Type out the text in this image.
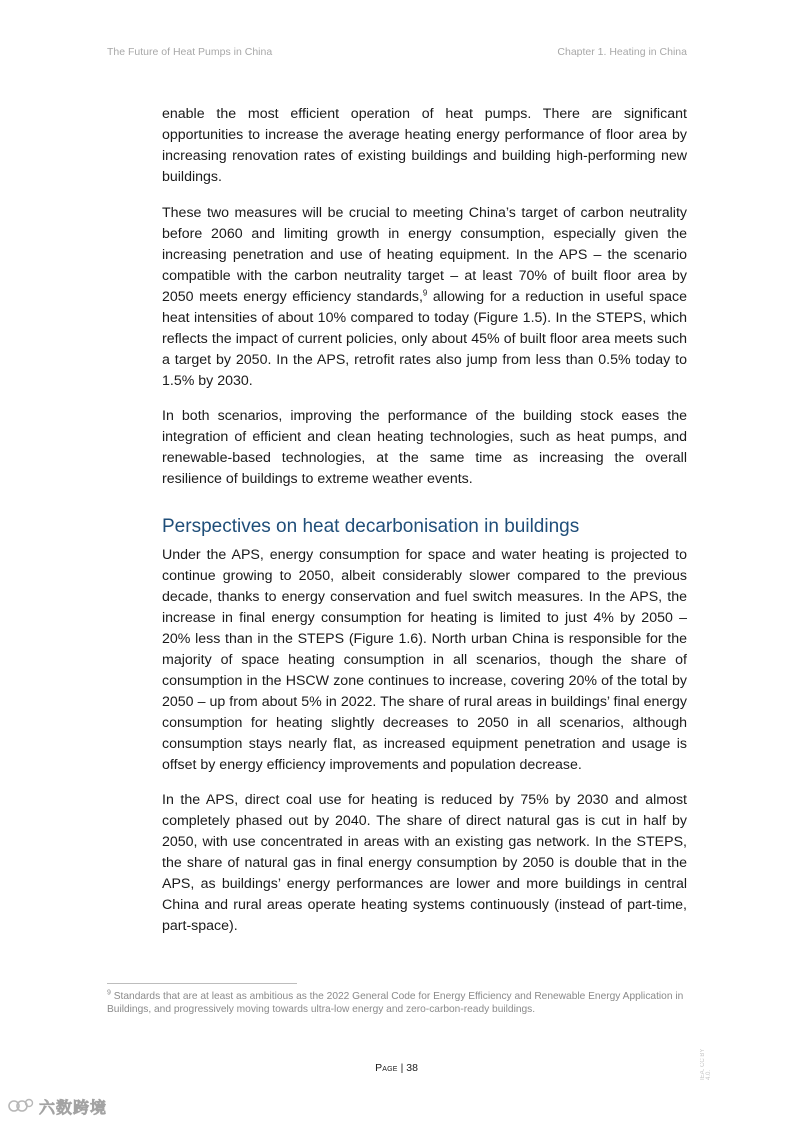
The Future of Heat Pumps in China	Chapter 1. Heating in China

enable the most efficient operation of heat pumps. There are significant opportunities to increase the average heating energy performance of floor area by increasing renovation rates of existing buildings and building high-performing new buildings.

These two measures will be crucial to meeting China’s target of carbon neutrality before 2060 and limiting growth in energy consumption, especially given the increasing penetration and use of heating equipment. In the APS – the scenario compatible with the carbon neutrality target – at least 70% of built floor area by 2050 meets energy efficiency standards,$^9$ allowing for a reduction in useful space heat intensities of about 10% compared to today (Figure 1.5). In the STEPS, which reflects the impact of current policies, only about 45% of built floor area meets such a target by 2050. In the APS, retrofit rates also jump from less than 0.5% today to 1.5% by 2030.

In both scenarios, improving the performance of the building stock eases the integration of efficient and clean heating technologies, such as heat pumps, and renewable-based technologies, at the same time as increasing the overall resilience of buildings to extreme weather events.

Perspectives on heat decarbonisation in buildings

Under the APS, energy consumption for space and water heating is projected to continue growing to 2050, albeit considerably slower compared to the previous decade, thanks to energy conservation and fuel switch measures. In the APS, the increase in final energy consumption for heating is limited to just 4% by 2050 – 20% less than in the STEPS (Figure 1.6). North urban China is responsible for the majority of space heating consumption in all scenarios, though the share of consumption in the HSCW zone continues to increase, covering 20% of the total by 2050 – up from about 5% in 2022. The share of rural areas in buildings’ final energy consumption for heating slightly decreases to 2050 in all scenarios, although consumption stays nearly flat, as increased equipment penetration and usage is offset by energy efficiency improvements and population decrease.

In the APS, direct coal use for heating is reduced by 75% by 2030 and almost completely phased out by 2040. The share of direct natural gas is cut in half by 2050, with use concentrated in areas with an existing gas network. In the STEPS, the share of natural gas in final energy consumption by 2050 is double that in the APS, as buildings’ energy performances are lower and more buildings in central China and rural areas operate heating systems continuously (instead of part-time, part-space).

$^9$ Standards that are at least as ambitious as the 2022 General Code for Energy Efficiency and Renewable Energy Application in Buildings, and progressively moving towards ultra-low energy and zero-carbon-ready buildings.
IEA. CC BY 4.0.
Page | 38
六数跨境
